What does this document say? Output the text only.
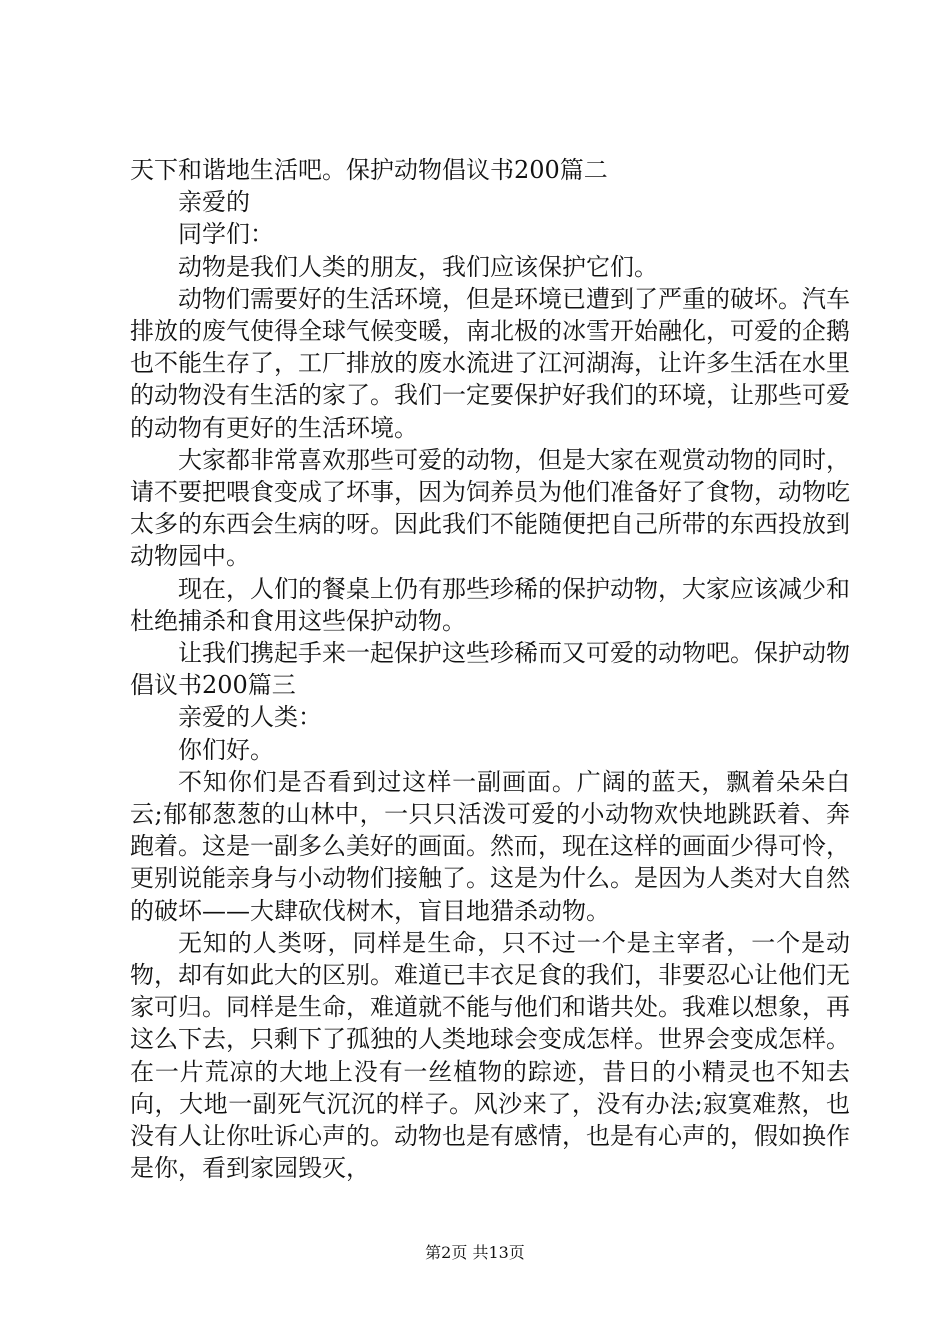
天下和谐地生活吧。保护动物倡议书200篇二

亲爱的

同学们：

动物是我们人类的朋友，我们应该保护它们。

动物们需要好的生活环境，但是环境已遭到了严重的破坏。汽车排放的废气使得全球气候变暖，南北极的冰雪开始融化，可爱的企鹅也不能生存了，工厂排放的废水流进了江河湖海，让许多生活在水里的动物没有生活的家了。我们一定要保护好我们的环境，让那些可爱的动物有更好的生活环境。

大家都非常喜欢那些可爱的动物，但是大家在观赏动物的同时，请不要把喂食变成了坏事，因为饲养员为他们准备好了食物，动物吃太多的东西会生病的呀。因此我们不能随便把自己所带的东西投放到动物园中。

现在，人们的餐桌上仍有那些珍稀的保护动物，大家应该减少和杜绝捕杀和食用这些保护动物。

让我们携起手来一起保护这些珍稀而又可爱的动物吧。保护动物倡议书200篇三

亲爱的人类：

你们好。

不知你们是否看到过这样一副画面。广阔的蓝天，飘着朵朵白云;郁郁葱葱的山林中，一只只活泼可爱的小动物欢快地跳跃着、奔跑着。这是一副多么美好的画面。然而，现在这样的画面少得可怜，更别说能亲身与小动物们接触了。这是为什么。是因为人类对大自然的破坏——大肆砍伐树木，盲目地猎杀动物。

无知的人类呀，同样是生命，只不过一个是主宰者，一个是动物，却有如此大的区别。难道已丰衣足食的我们，非要忍心让他们无家可归。同样是生命，难道就不能与他们和谐共处。我难以想象，再这么下去，只剩下了孤独的人类地球会变成怎样。世界会变成怎样。在一片荒凉的大地上没有一丝植物的踪迹，昔日的小精灵也不知去向，大地一副死气沉沉的样子。风沙来了，没有办法;寂寞难熬，也没有人让你吐诉心声的。动物也是有感情，也是有心声的，假如换作是你，看到家园毁灭，

第2页 共13页
